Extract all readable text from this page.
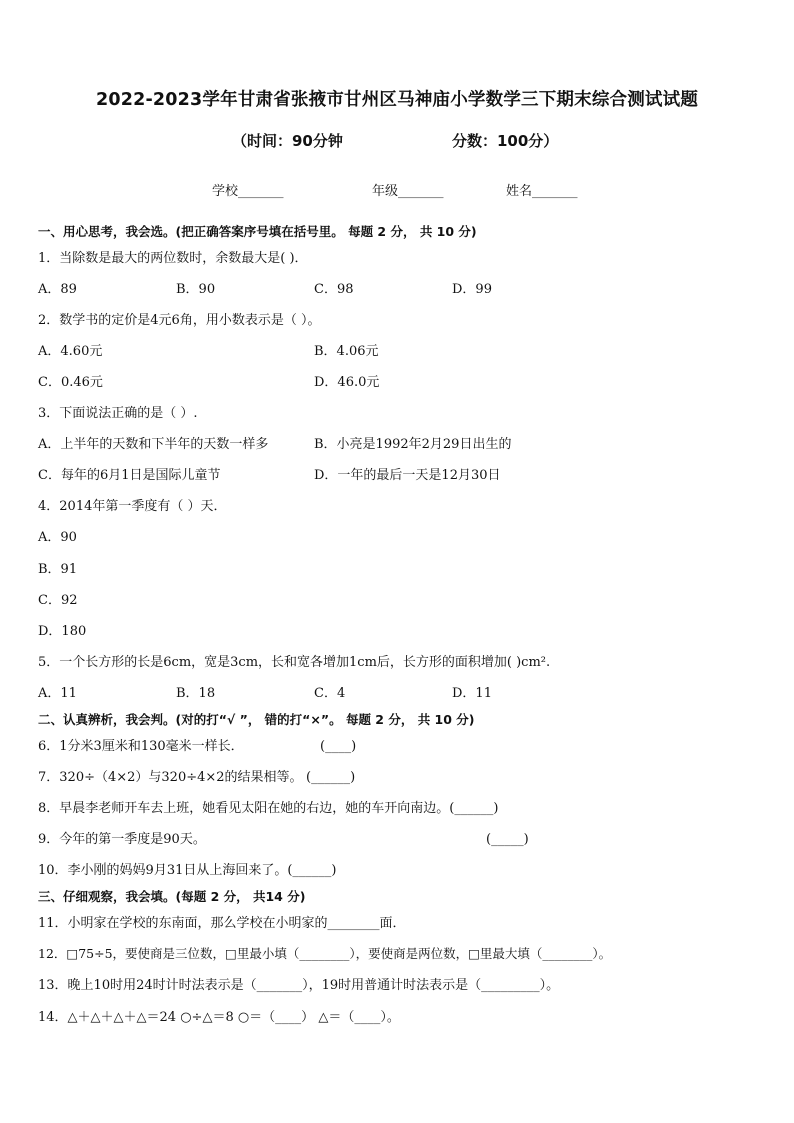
2022-2023学年甘肃省张掖市甘州区马神庙小学数学三下期末综合测试试题
（时间：90分钟	分数：100分）
学校_______	年级_______	姓名_______
一、用心思考，我会选。(把正确答案序号填在括号里。 每题 2 分， 共 10 分)
1．当除数是最大的两位数时，余数最大是( )．
A．89	B．90	C．98	D．99
2．数学书的定价是4元6角，用小数表示是（ ）。
A．4.60元	B．4.06元
C．0.46元	D．46.0元
3．下面说法正确的是（ ）.
A．上半年的天数和下半年的天数一样多	B．小亮是1992年2月29日出生的
C．每年的6月1日是国际儿童节	D．一年的最后一天是12月30日
4．2014年第一季度有（ ）天．
A．90
B．91
C．92
D．180
5．一个长方形的长是6cm，宽是3cm，长和宽各增加1cm后，长方形的面积增加( )cm².
A．11	B．18	C．4	D．11
二、认真辨析，我会判。(对的打“√ ”， 错的打“×”。 每题 2 分， 共 10 分)
6．1分米3厘米和130毫米一样长．	(____)
7．320÷（4×2）与320÷4×2的结果相等。 (______)
8．早晨李老师开车去上班，她看见太阳在她的右边，她的车开向南边。(______)
9．今年的第一季度是90天。	(_____)
10．李小刚的妈妈9月31日从上海回来了。(______)
三、仔细观察，我会填。(每题 2 分， 共14 分)
11．小明家在学校的东南面，那么学校在小明家的________面．
12．□75÷5，要使商是三位数，□里最小填（________），要使商是两位数，□里最大填（________）。
13．晚上10时用24时计时法表示是（_______），19时用普通计时法表示是（_________）。
14．△＋△＋△＋△＝24 ○÷△＝8 ○＝（____） △＝（____）。
